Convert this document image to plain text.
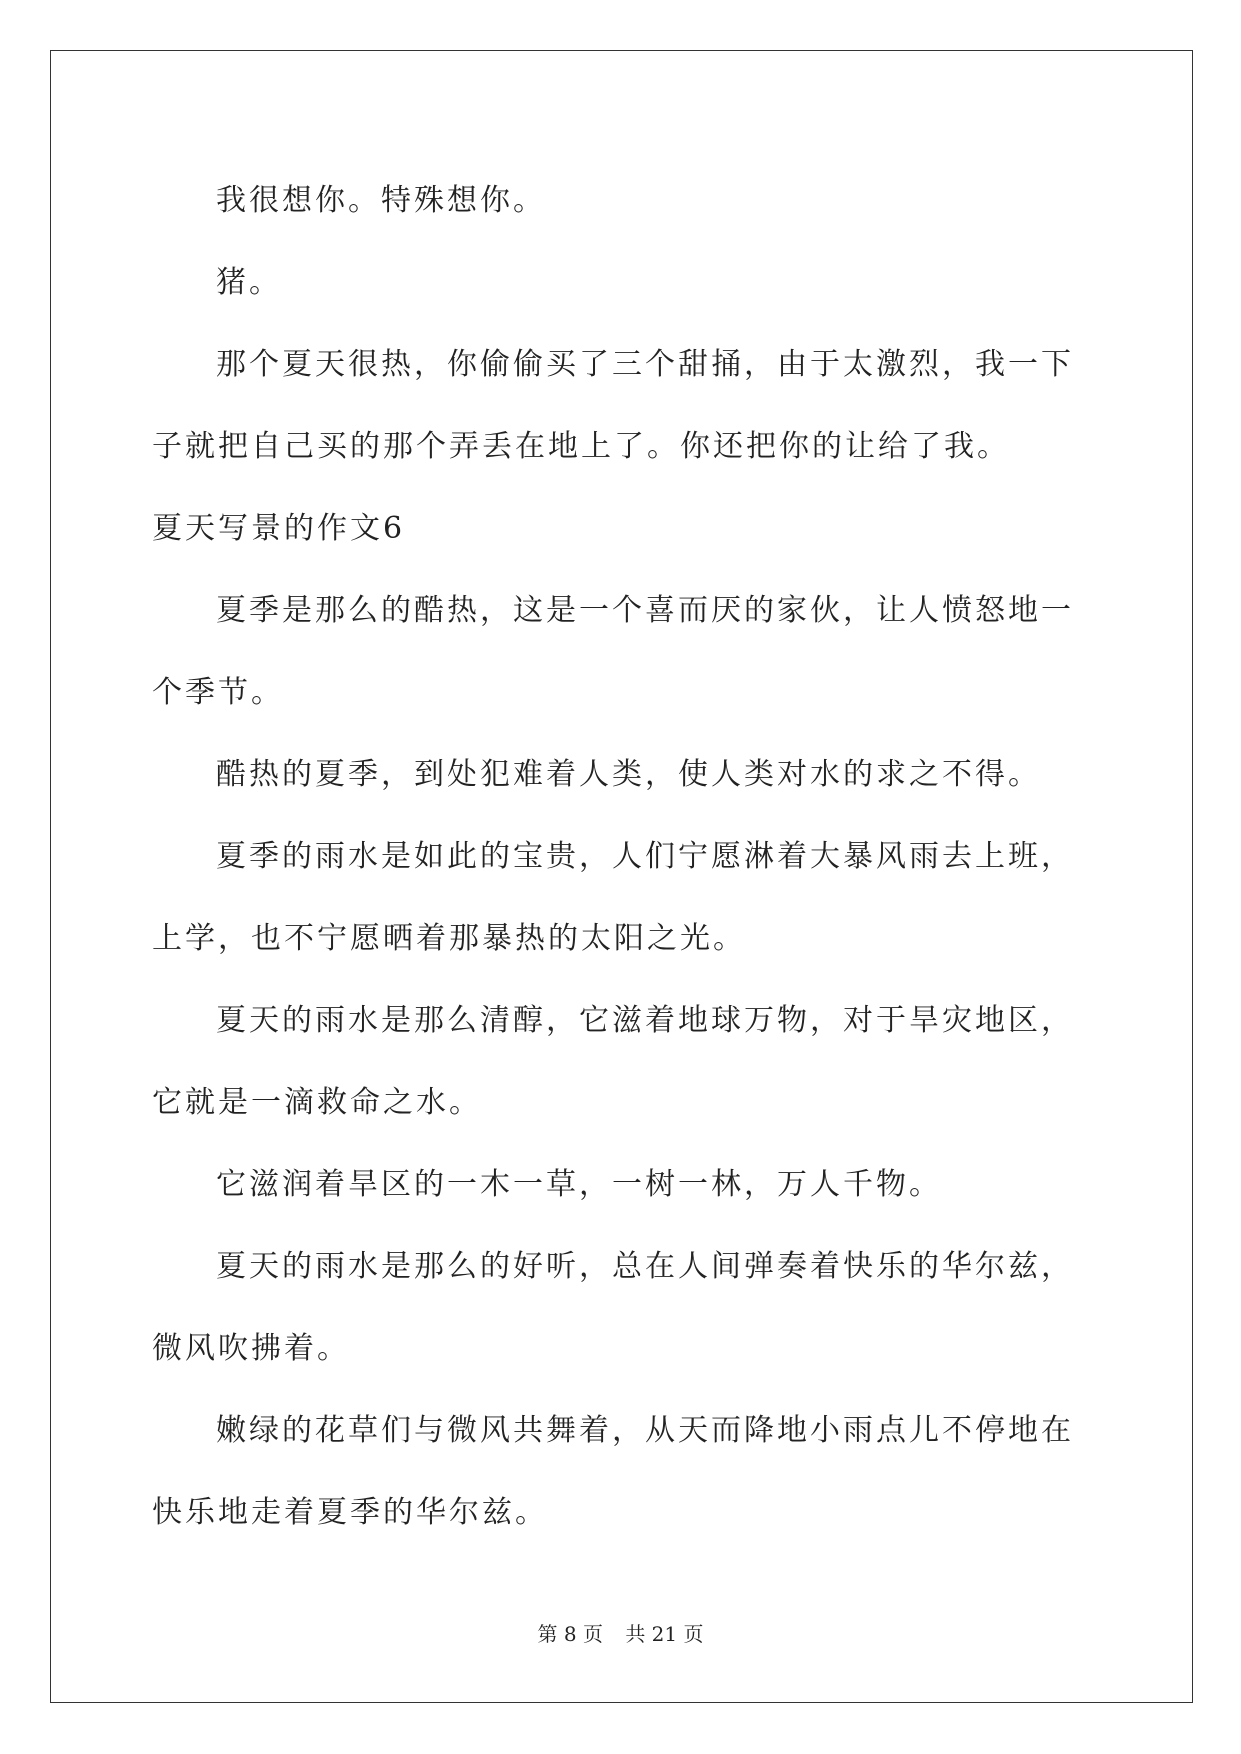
我很想你。特殊想你。

猪。

那个夏天很热，你偷偷买了三个甜捅，由于太激烈，我一下子就把自己买的那个弄丢在地上了。你还把你的让给了我。

夏天写景的作文6

夏季是那么的酷热，这是一个喜而厌的家伙，让人愤怒地一个季节。

酷热的夏季，到处犯难着人类，使人类对水的求之不得。

夏季的雨水是如此的宝贵，人们宁愿淋着大暴风雨去上班，上学，也不宁愿晒着那暴热的太阳之光。

夏天的雨水是那么清醇，它滋着地球万物，对于旱灾地区，它就是一滴救命之水。

它滋润着旱区的一木一草，一树一林，万人千物。

夏天的雨水是那么的好听，总在人间弹奏着快乐的华尔兹，微风吹拂着。

嫩绿的花草们与微风共舞着，从天而降地小雨点儿不停地在快乐地走着夏季的华尔兹。

第 8 页 共 21 页
